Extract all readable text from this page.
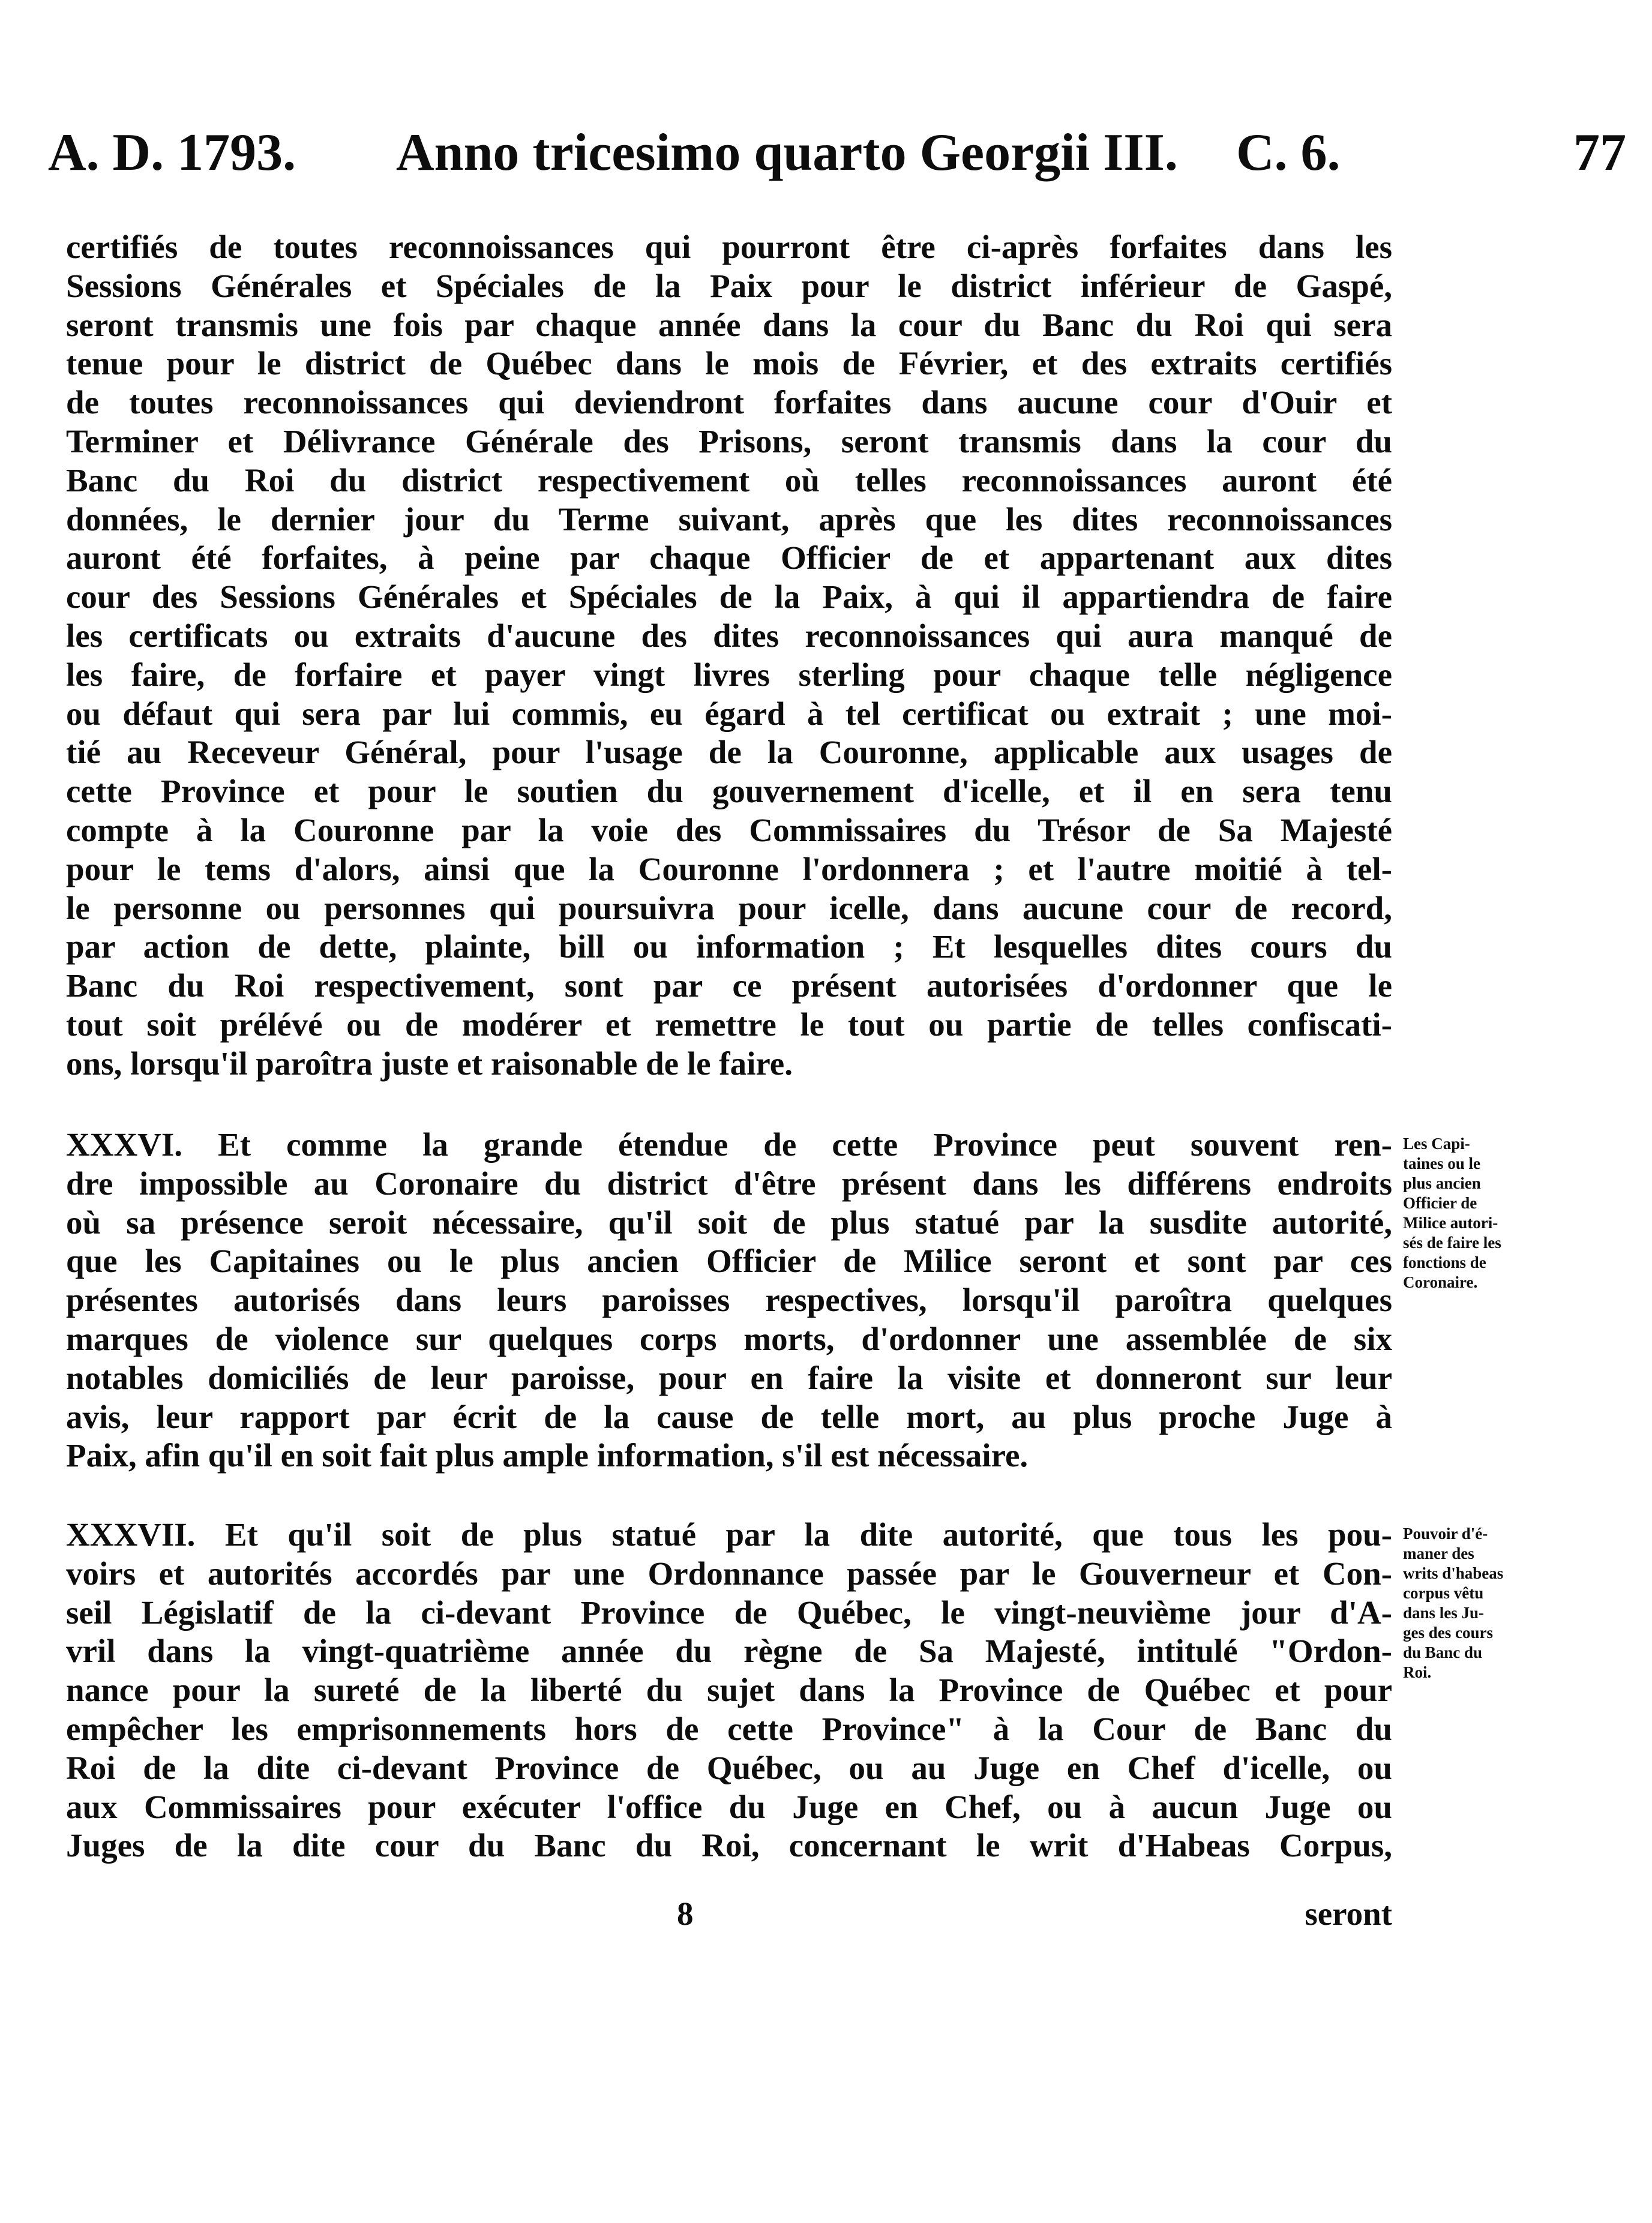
A. D. 1793. Anno tricesimo quarto Georgii III. C. 6.	77
certifiés de toutes reconnoissances qui pourront être ci-après forfaites dans les
Sessions Générales et Spéciales de la Paix pour le district inférieur de Gaspé,
seront transmis une fois par chaque année dans la cour du Banc du Roi qui sera
tenue pour le district de Québec dans le mois de Février, et des extraits certifiés
de toutes reconnoissances qui deviendront forfaites dans aucune cour d'Ouir et
Terminer et Délivrance Générale des Prisons, seront transmis dans la cour du
Banc du Roi du district respectivement où telles reconnoissances auront été
données, le dernier jour du Terme suivant, après que les dites reconnoissances
auront été forfaites, à peine par chaque Officier de et appartenant aux dites
cour des Sessions Générales et Spéciales de la Paix, à qui il appartiendra de faire
les certificats ou extraits d'aucune des dites reconnoissances qui aura manqué de
les faire, de forfaire et payer vingt livres sterling pour chaque telle négligence
ou défaut qui sera par lui commis, eu égard à tel certificat ou extrait ; une moi-
tié au Receveur Général, pour l'usage de la Couronne, applicable aux usages de
cette Province et pour le soutien du gouvernement d'icelle, et il en sera tenu
compte à la Couronne par la voie des Commissaires du Trésor de Sa Majesté
pour le tems d'alors, ainsi que la Couronne l'ordonnera ; et l'autre moitié à tel-
le personne ou personnes qui poursuivra pour icelle, dans aucune cour de record,
par action de dette, plainte, bill ou information ; Et lesquelles dites cours du
Banc du Roi respectivement, sont par ce présent autorisées d'ordonner que le
tout soit prélévé ou de modérer et remettre le tout ou partie de telles confiscati-
ons, lorsqu'il paroîtra juste et raisonable de le faire.
XXXVI. Et comme la grande étendue de cette Province peut souvent ren-
dre impossible au Coronaire du district d'être présent dans les différens endroits
où sa présence seroit nécessaire, qu'il soit de plus statué par la susdite autorité,
que les Capitaines ou le plus ancien Officier de Milice seront et sont par ces
présentes autorisés dans leurs paroisses respectives, lorsqu'il paroîtra quelques
marques de violence sur quelques corps morts, d'ordonner une assemblée de six
notables domiciliés de leur paroisse, pour en faire la visite et donneront sur leur
avis, leur rapport par écrit de la cause de telle mort, au plus proche Juge à
Paix, afin qu'il en soit fait plus ample information, s'il est nécessaire.
Les Capi-
taines ou le
plus ancien
Officier de
Milice autori-
sés de faire les
fonctions de
Coronaire.
XXXVII. Et qu'il soit de plus statué par la dite autorité, que tous les pou-
voirs et autorités accordés par une Ordonnance passée par le Gouverneur et Con-
seil Législatif de la ci-devant Province de Québec, le vingt-neuvième jour d'A-
vril dans la vingt-quatrième année du règne de Sa Majesté, intitulé "Ordon-
nance pour la sureté de la liberté du sujet dans la Province de Québec et pour
empêcher les emprisonnements hors de cette Province" à la Cour de Banc du
Roi de la dite ci-devant Province de Québec, ou au Juge en Chef d'icelle, ou
aux Commissaires pour exécuter l'office du Juge en Chef, ou à aucun Juge ou
Juges de la dite cour du Banc du Roi, concernant le writ d'Habeas Corpus,
Pouvoir d'é-
maner des
writs d'habeas
corpus vêtu
dans les Ju-
ges des cours
du Banc du
Roi.
8	seront
